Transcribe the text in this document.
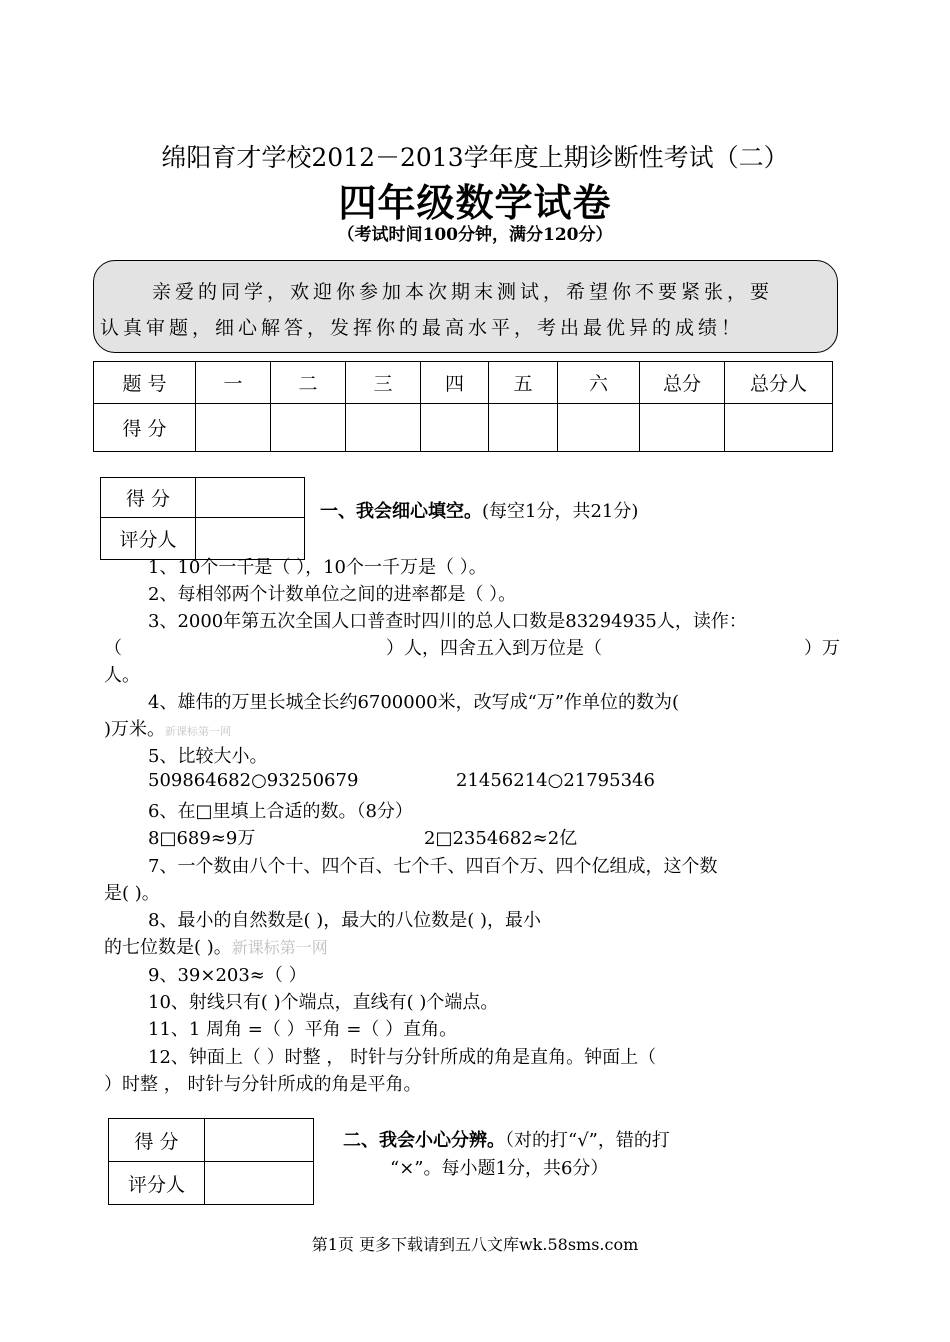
绵阳育才学校2012－2013学年度上期诊断性考试（二）
四年级数学试卷
（考试时间100分钟，满分120分）
亲爱的同学，欢迎你参加本次期末测试，希望你不要紧张，要
认真审题，细心解答，发挥你的最高水平，考出最优异的成绩！
题 号	一	二	三	四	五	六	总分	总分人
得 分								
得 分	
评分人	
一、我会细心填空。(每空1分，共21分)
1、10个一千是（ ），10个一千万是（ ）。
2、每相邻两个计数单位之间的进率都是（ ）。
3、2000年第五次全国人口普查时四川的总人口数是83294935人，读作：
（	）人，四舍五入到万位是（	）万
人。
4、雄伟的万里长城全长约6700000米，改写成“万”作单位的数为(
)万米。新课标第一网
5、比较大小。
509864682○93250679	21456214○21795346
6、在□里填上合适的数。（8分）
8□689≈9万	2□2354682≈2亿
7、一个数由八个十、四个百、七个千、四百个万、四个亿组成，这个数
是( )。
8、最小的自然数是( )，最大的八位数是( )，最小
的七位数是( )。新课标第一网
9、39×203≈（ ）
10、射线只有( )个端点，直线有( )个端点。
11、1 周角 =（ ）平角 =（ ）直角。
12、钟面上（ ）时整 ， 时针与分针所成的角是直角。钟面上（
）时整 ， 时针与分针所成的角是平角。
得 分	
评分人	
二、我会小心分辨。（对的打“√”，错的打
“×”。每小题1分，共6分）
第1页 更多下载请到五八文库wk.58sms.com
